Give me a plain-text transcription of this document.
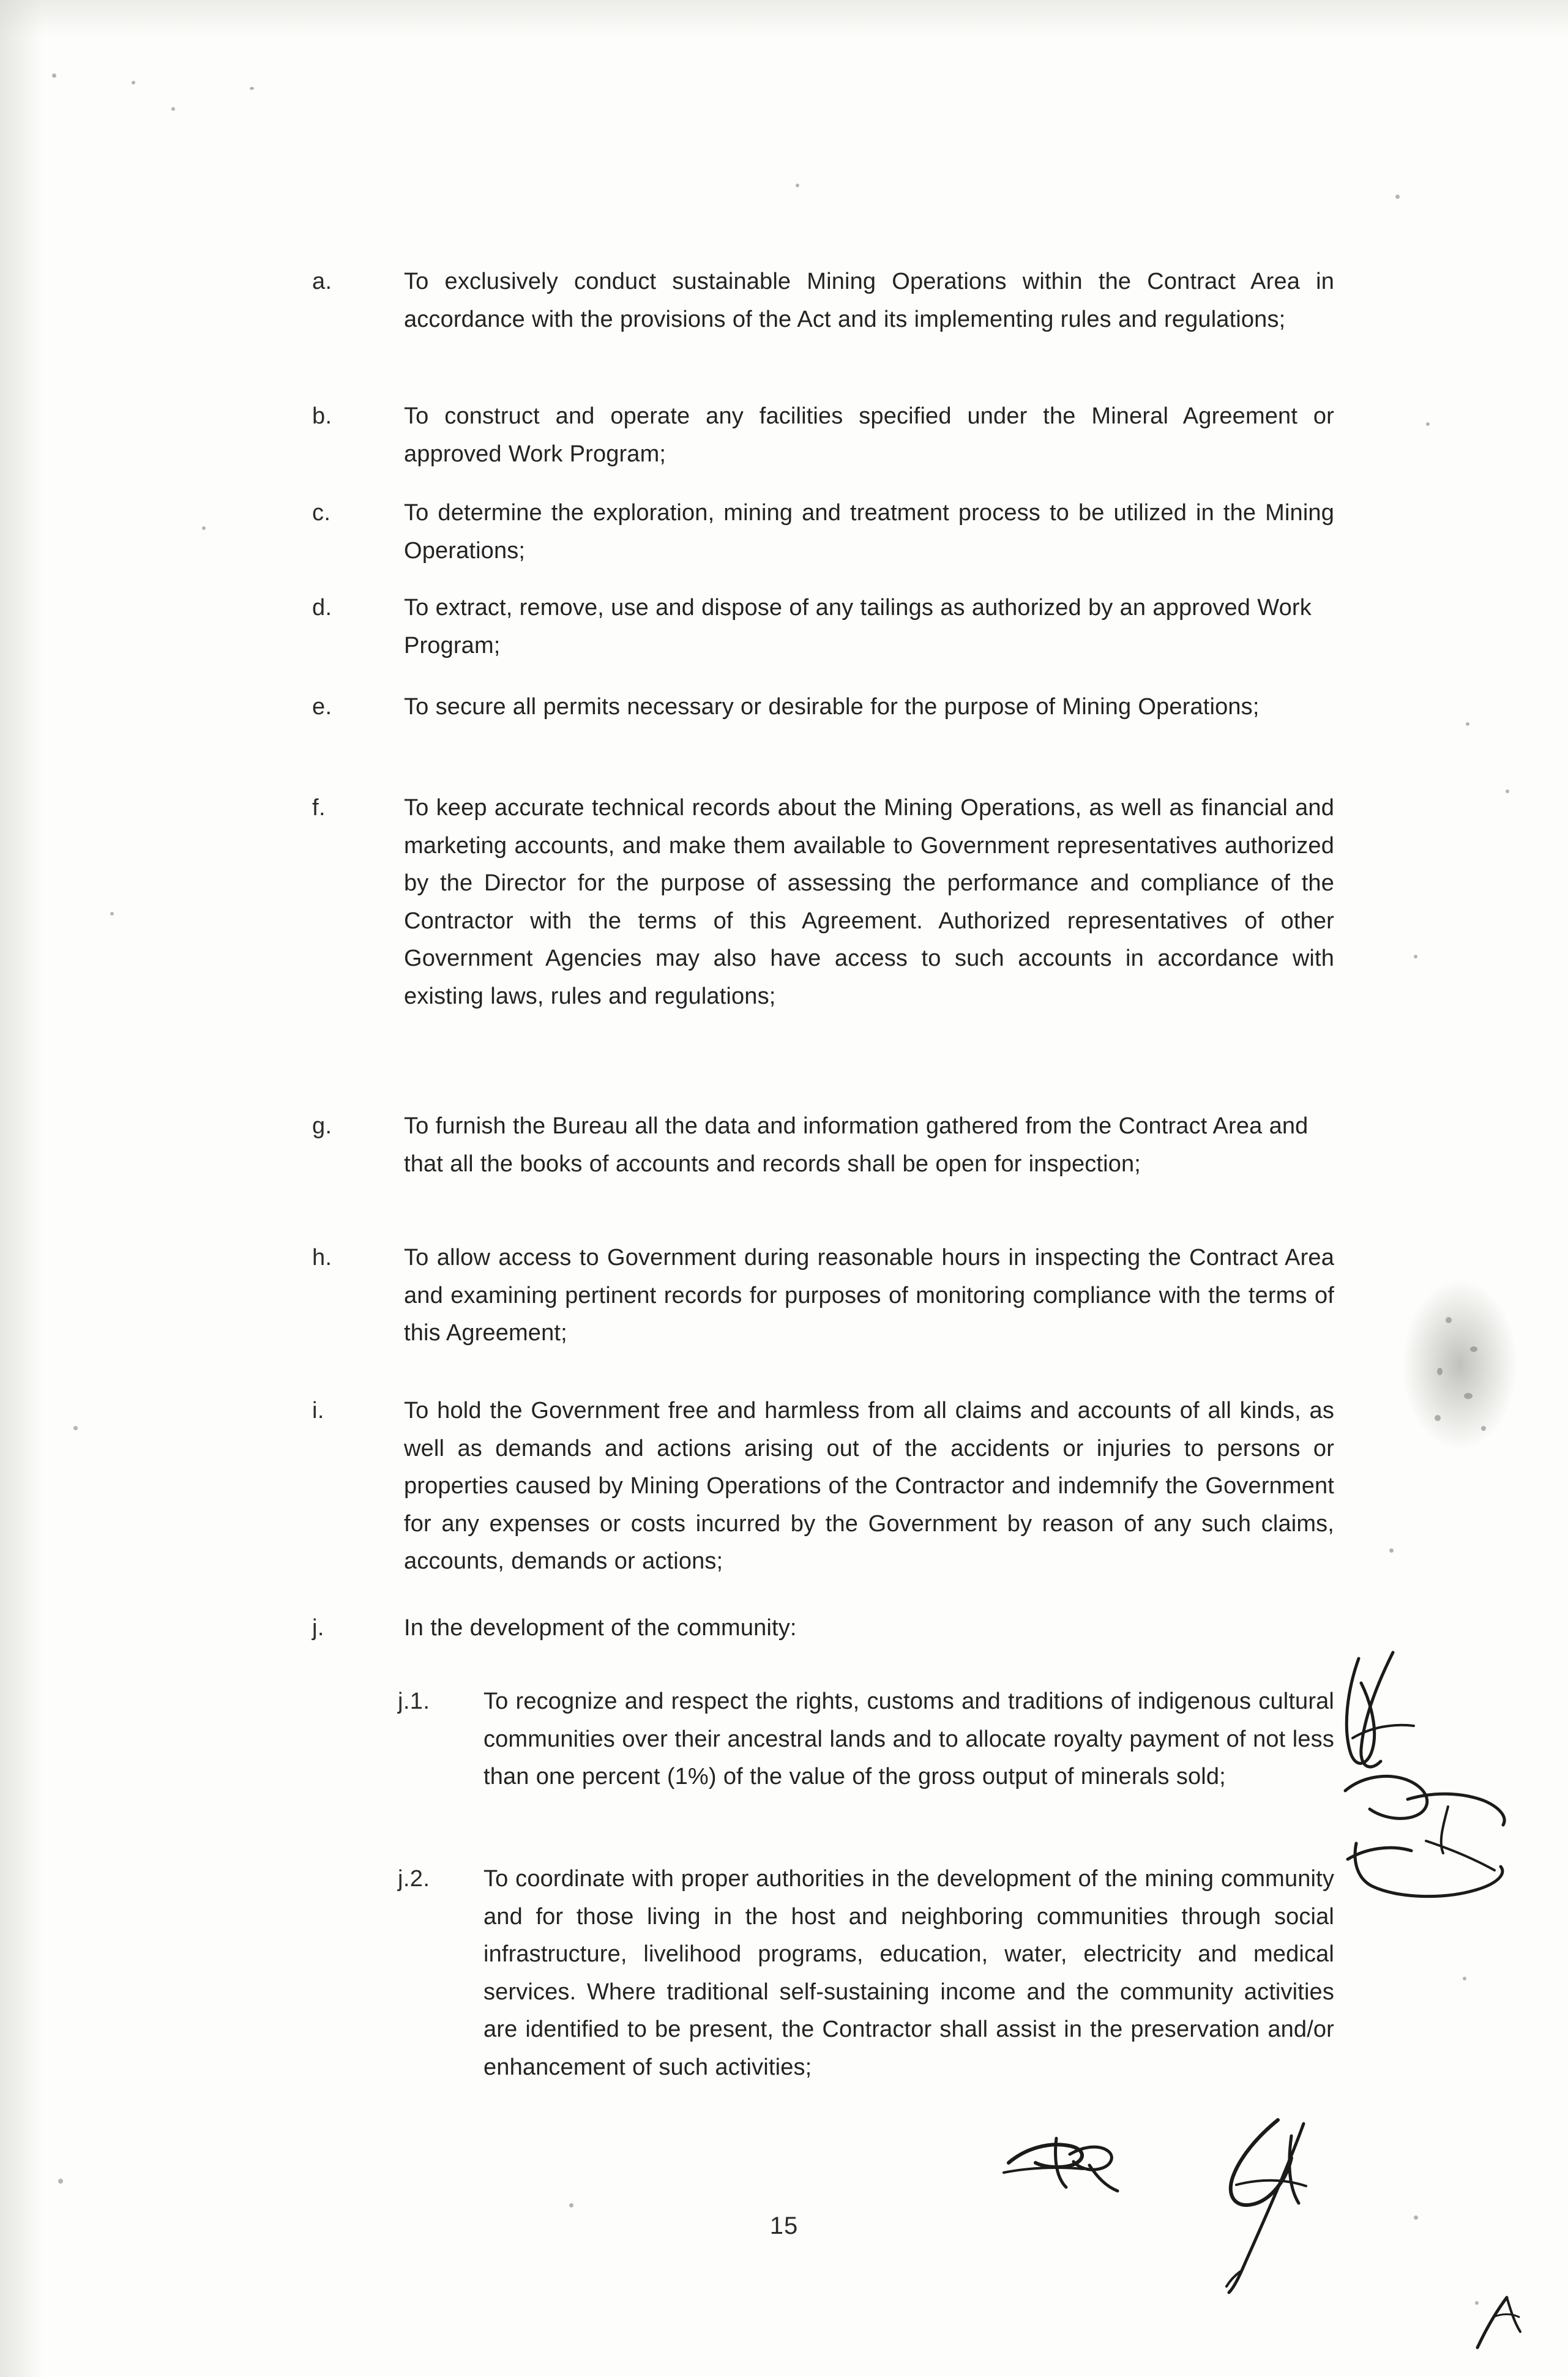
a.	To exclusively conduct sustainable Mining Operations within the Contract Area in accordance with the provisions of the Act and its implementing rules and regulations;
b.	To construct and operate any facilities specified under the Mineral Agreement or approved Work Program;
c.	To determine the exploration, mining and treatment process to be utilized in the Mining Operations;
d.	To extract, remove, use and dispose of any tailings as authorized by an approved Work Program;
e.	To secure all permits necessary or desirable for the purpose of Mining Operations;
f.	To keep accurate technical records about the Mining Operations, as well as financial and marketing accounts, and make them available to Government representatives authorized by the Director for the purpose of assessing the performance and compliance of the Contractor with the terms of this Agreement. Authorized representatives of other Government Agencies may also have access to such accounts in accordance with existing laws, rules and regulations;
g.	To furnish the Bureau all the data and information gathered from the Contract Area and that all the books of accounts and records shall be open for inspection;
h.	To allow access to Government during reasonable hours in inspecting the Contract Area and examining pertinent records for purposes of monitoring compliance with the terms of this Agreement;
i.	To hold the Government free and harmless from all claims and accounts of all kinds, as well as demands and actions arising out of the accidents or injuries to persons or properties caused by Mining Operations of the Contractor and indemnify the Government for any expenses or costs incurred by the Government by reason of any such claims, accounts, demands or actions;
j.	In the development of the community:
j.1.	To recognize and respect the rights, customs and traditions of indigenous cultural communities over their ancestral lands and to allocate royalty payment of not less than one percent (1%) of the value of the gross output of minerals sold;
j.2.	To coordinate with proper authorities in the development of the mining community and for those living in the host and neighboring communities through social infrastructure, livelihood programs, education, water, electricity and medical services. Where traditional self-sustaining income and the community activities are identified to be present, the Contractor shall assist in the preservation and/or enhancement of such activities;
15
